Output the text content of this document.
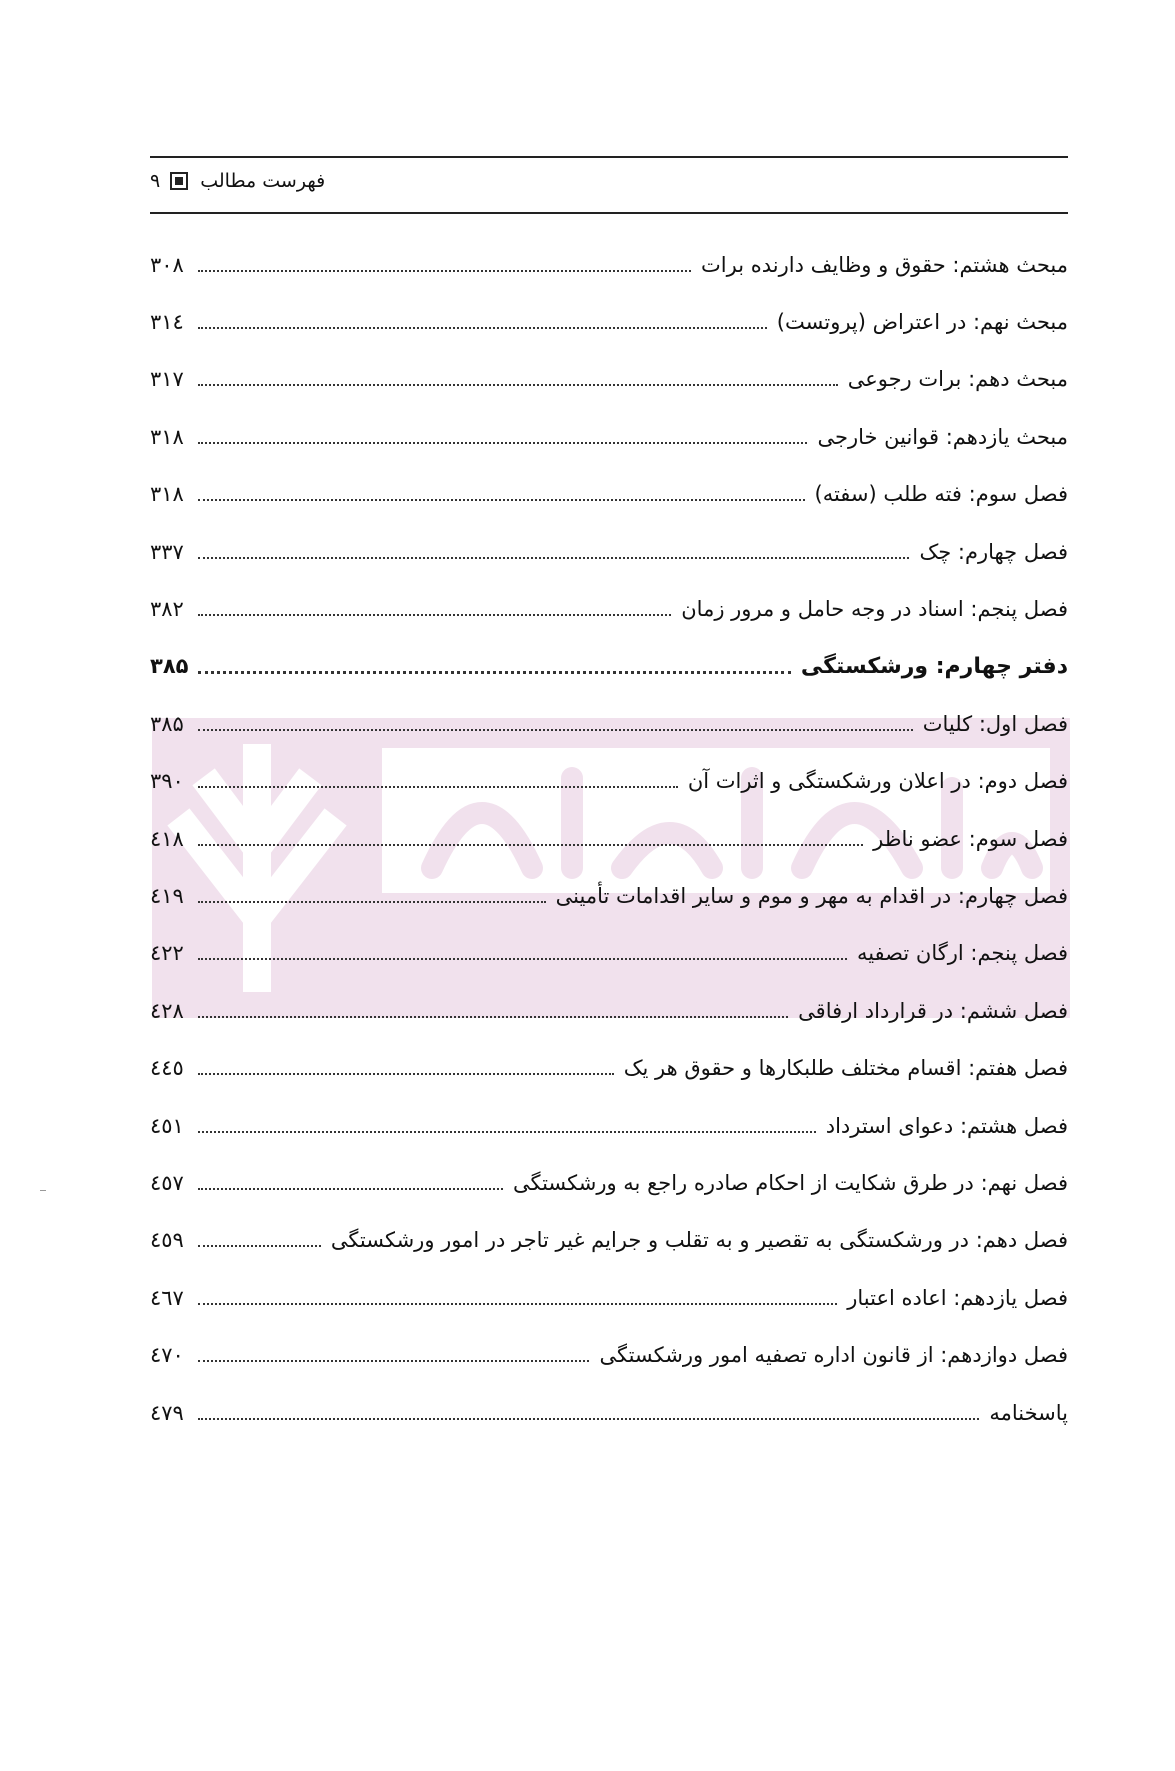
فهرست مطالب
۹
مبحث هشتم: حقوق و وظایف دارنده برات
۳۰۸
مبحث نهم: در اعتراض (پروتست)
۳۱٤
مبحث دهم: برات رجوعی
۳۱۷
مبحث یازدهم: قوانین خارجی
۳۱۸
فصل سوم: فته طلب (سفته)
۳۱۸
فصل چهارم: چک
۳۳۷
فصل پنجم: اسناد در وجه حامل و مرور زمان
۳۸۲
دفتر چهارم: ورشکستگی
۳۸۵
فصل اول: کلیات
۳۸۵
فصل دوم: در اعلان ورشکستگی و اثرات آن
۳۹۰
فصل سوم: عضو ناظر
٤۱۸
فصل چهارم: در اقدام به مهر و موم و سایر اقدامات تأمینی
٤۱۹
فصل پنجم: ارگان تصفیه
٤۲۲
فصل ششم: در قرارداد ارفاقی
٤۲۸
فصل هفتم: اقسام مختلف طلبکارها و حقوق هر یک
٤٤٥
فصل هشتم: دعوای استرداد
٤٥۱
فصل نهم: در طرق شکایت از احکام صادره راجع به ورشکستگی
٤٥۷
فصل دهم: در ورشکستگی به تقصیر و به تقلب و جرایم غیر تاجر در امور ورشکستگی
٤٥۹
فصل یازدهم: اعاده اعتبار
٤٦۷
فصل دوازدهم: از قانون اداره تصفیه امور ورشکستگی
٤۷۰
پاسخنامه
٤۷۹
